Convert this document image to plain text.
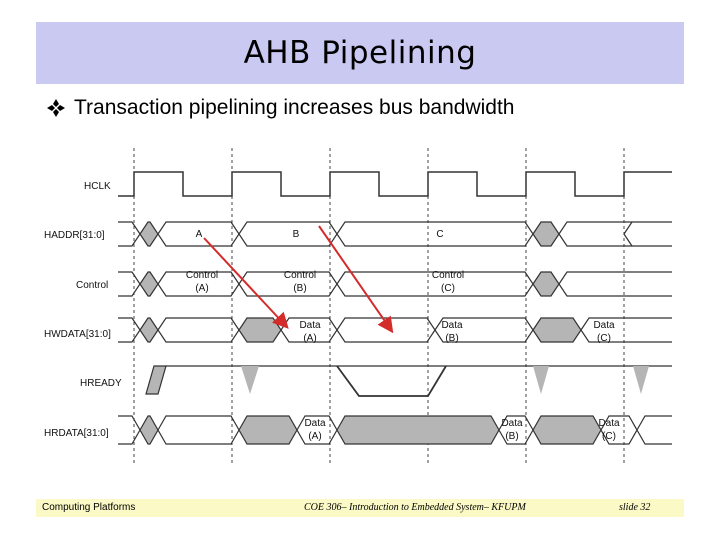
AHB Pipelining
Transaction pipelining increases bus bandwidth
HCLK
HADDR[31:0]
Control
HWDATA[31:0]
HREADY
HRDATA[31:0]
A	B	C
Control
(A)
Control
(B)
Control
(C)
Data
(A)
Data
(B)
Data
(C)
Data
(A)
Data
(B)
Data
(C)
Computing Platforms	COE 306– Introduction to Embedded System– KFUPM	slide 32
